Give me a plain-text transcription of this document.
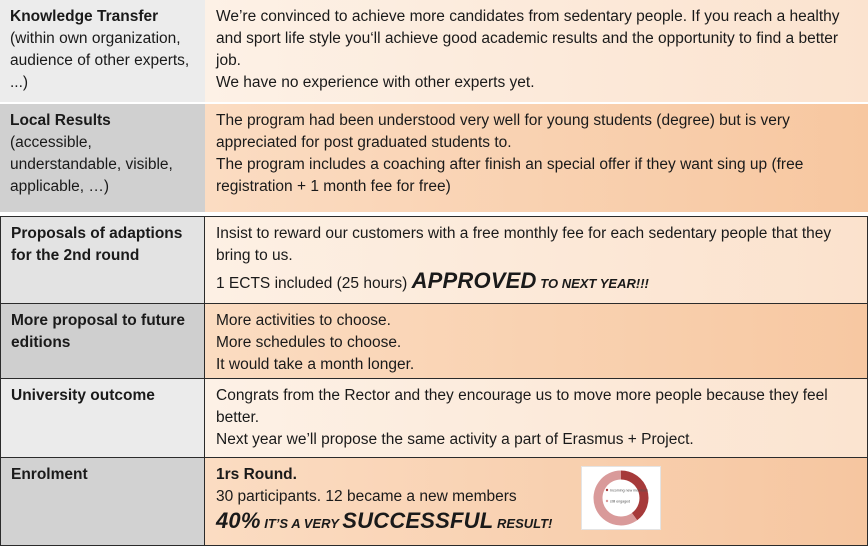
Knowledge Transfer
(within own organization, audience of other experts, ...)

We’re convinced to achieve more candidates from sedentary people. If you reach a healthy and sport life style you‘ll achieve good academic results and the opportunity to find a better job.

We have no experience with other experts yet.

Local Results
(accessible, understandable, visible, applicable, …)

The program had been understood very well for young students (degree) but is very appreciated for post graduated students to.

The program includes a coaching after finish an special offer if they want sing up (free registration + 1 month fee for free)

Proposals of adaptions for the 2nd round

Insist to reward our customers with a free monthly fee for each sedentary people that they bring to us.

1 ECTS included (25 hours) APPROVED TO NEXT YEAR!!!

More proposal to future editions

More activities to choose.

More schedules to choose.

It would take a month longer.

University outcome	Congrats from the Rector and they encourage us to move more people because they feel better.

Next year we’ll propose the same activity a part of Erasmus + Project.

Enrolment	1rs Round.

30 participants. 12 became a new members

40% IT’S A VERY SUCCESSFUL RESULT!

Incoming new members
still engaged
